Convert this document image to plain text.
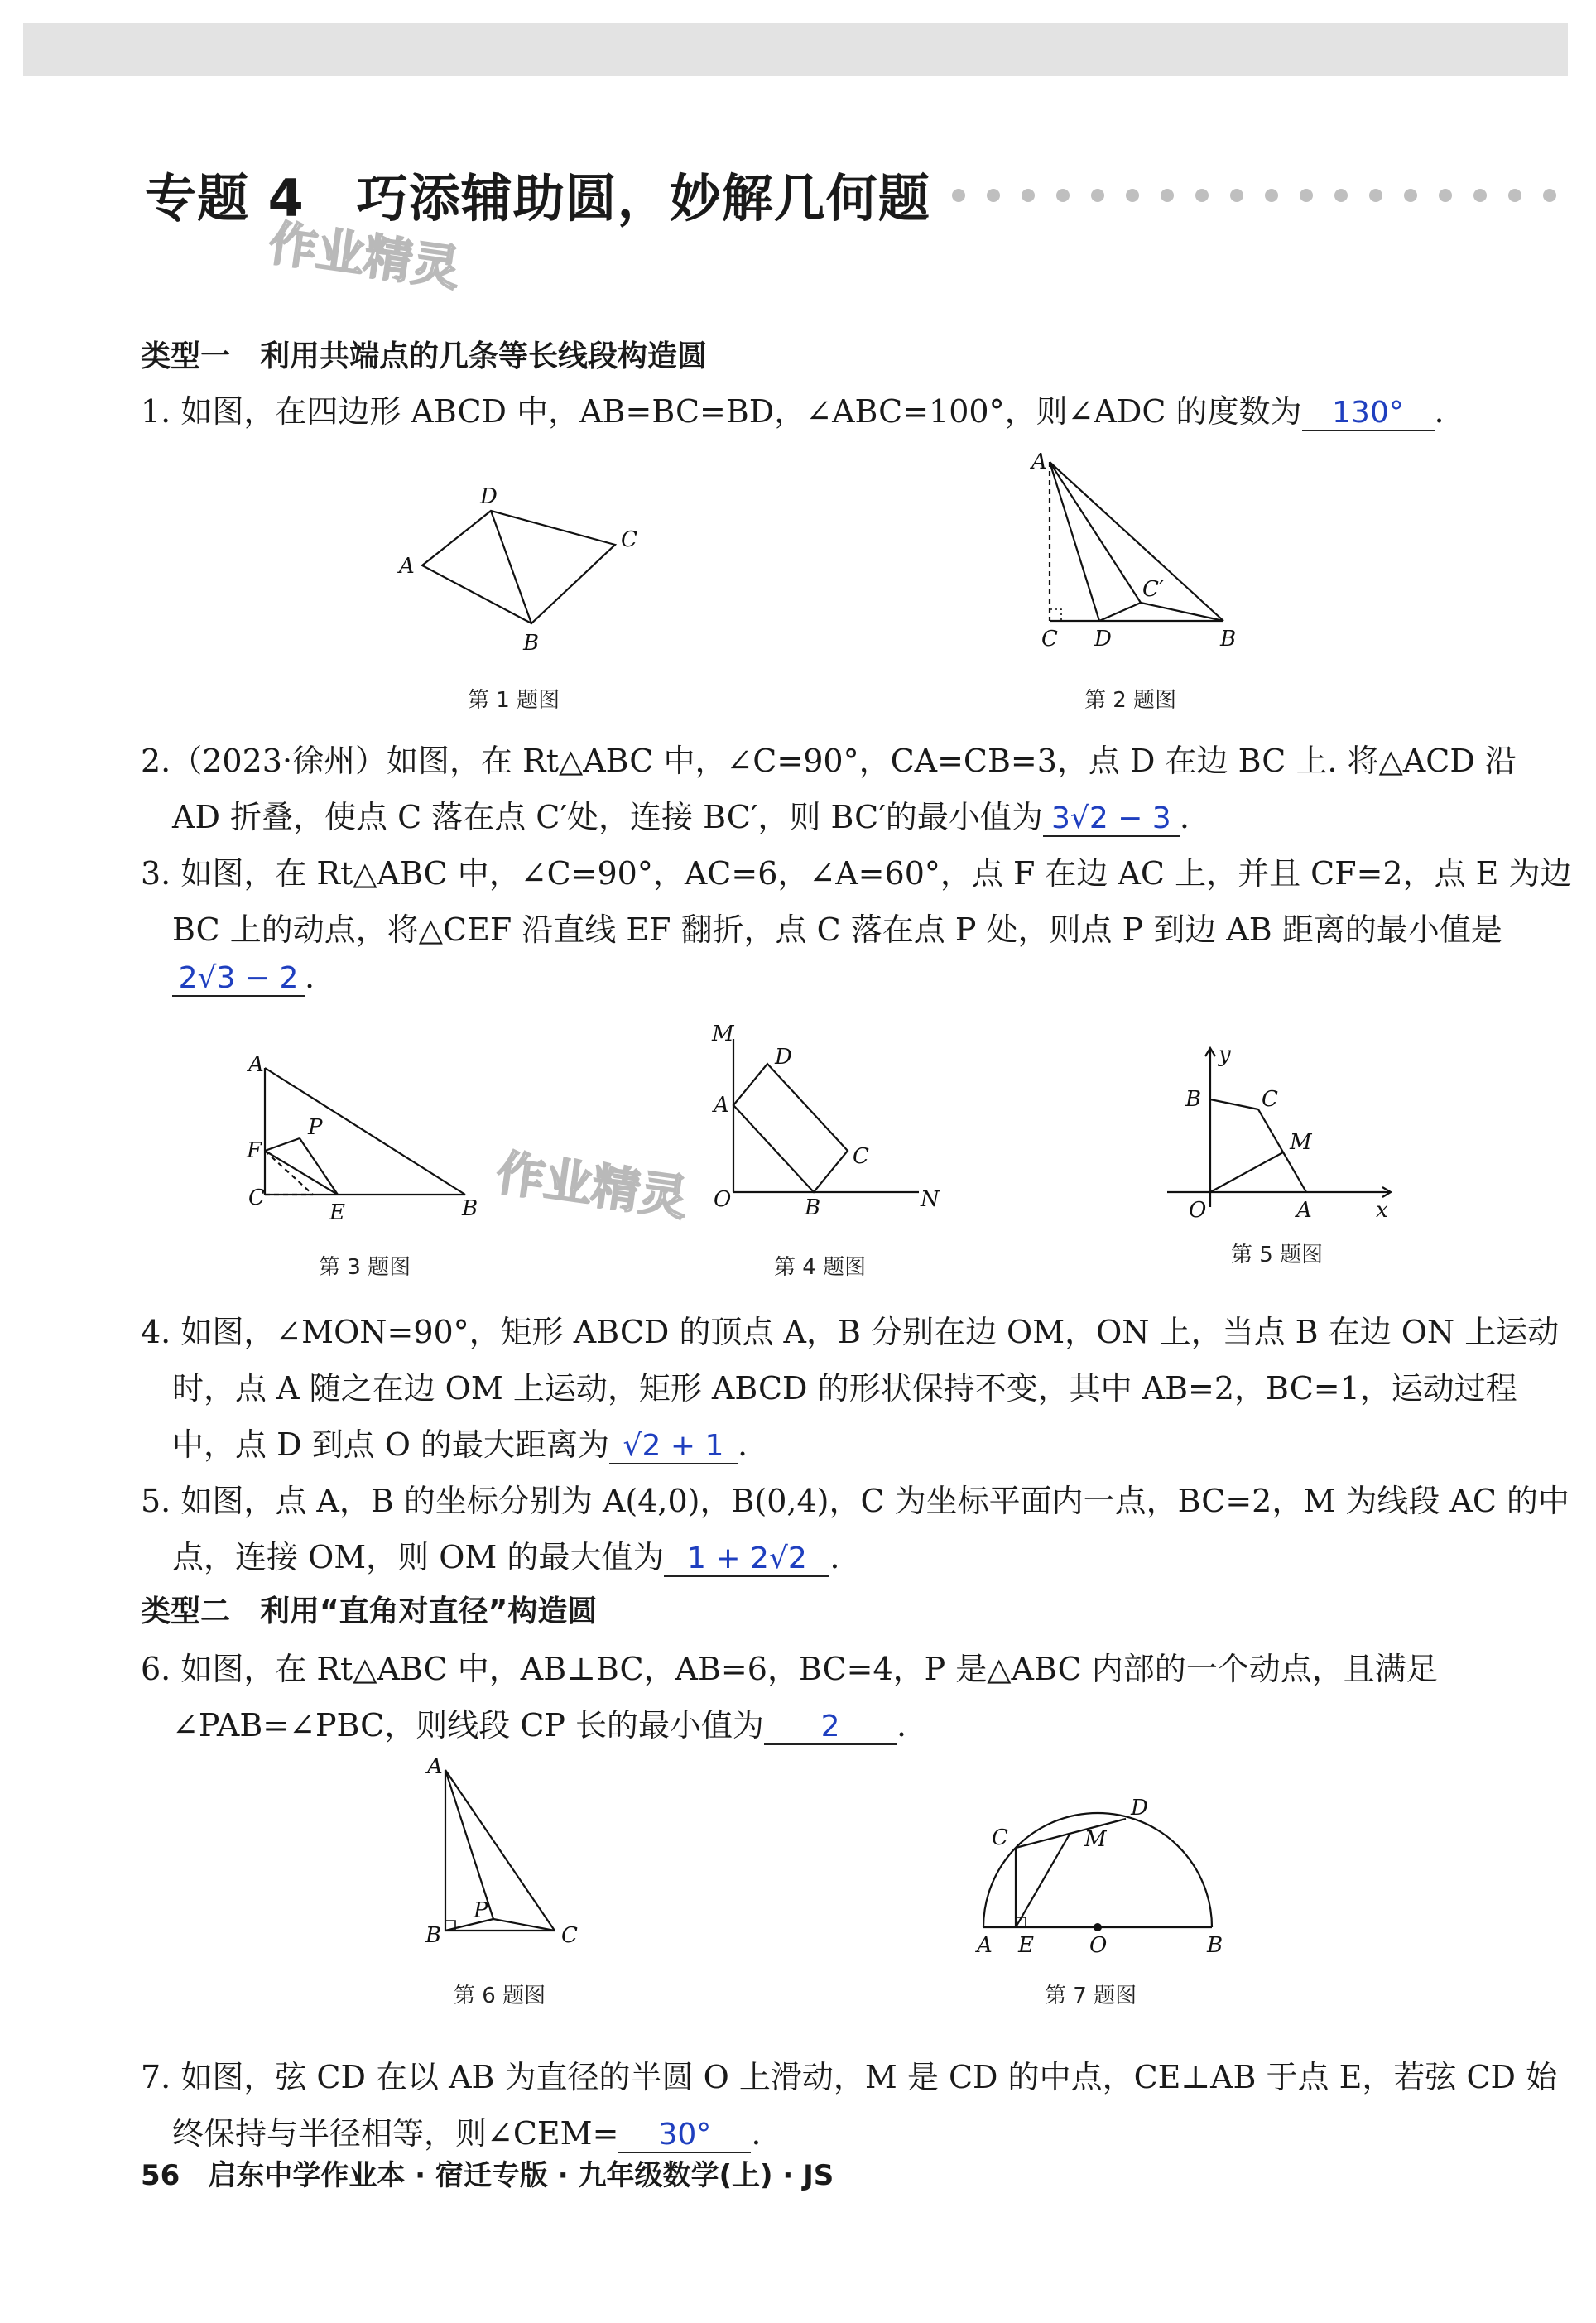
专题 4　巧添辅助圆，妙解几何题
作业精灵
作业精灵
类型一　利用共端点的几条等长线段构造圆
1. 如图，在四边形 ABCD 中，AB=BC=BD，∠ABC=100°，则∠ADC 的度数为 130° .
D
C
A
B
第 1 题图
A
C′
C D	B
第 2 题图
2.（2023·徐州）如图，在 Rt△ABC 中，∠C=90°，CA=CB=3，点 D 在边 BC 上. 将△ACD 沿
AD 折叠，使点 C 落在点 C′处，连接 BC′，则 BC′的最小值为 3√2 − 3 .
3. 如图，在 Rt△ABC 中，∠C=90°，AC=6，∠A=60°，点 F 在边 AC 上，并且 CF=2，点 E 为边
BC 上的动点，将△CEF 沿直线 EF 翻折，点 C 落在点 P 处，则点 P 到边 AB 距离的最小值是
2√3 − 2 .
A
P
F
C
E	B
第 3 题图
M
D
A
C
O	B	N
第 4 题图
y
B	C
M
O	A	x
第 5 题图
4. 如图，∠MON=90°，矩形 ABCD 的顶点 A，B 分别在边 OM，ON 上，当点 B 在边 ON 上运动
时，点 A 随之在边 OM 上运动，矩形 ABCD 的形状保持不变，其中 AB=2，BC=1，运动过程
中，点 D 到点 O 的最大距离为 √2 + 1 .
5. 如图，点 A，B 的坐标分别为 A(4,0)，B(0,4)，C 为坐标平面内一点，BC=2，M 为线段 AC 的中
点，连接 OM，则 OM 的最大值为 1 + 2√2 .
类型二　利用“直角对直径”构造圆
6. 如图，在 Rt△ABC 中，AB⊥BC，AB=6，BC=4，P 是△ABC 内部的一个动点，且满足
∠PAB=∠PBC，则线段 CP 长的最小值为 2 .
A
P
B	C
第 6 题图
C
D
M
A E	O	B
第 7 题图
7. 如图，弦 CD 在以 AB 为直径的半圆 O 上滑动，M 是 CD 的中点，CE⊥AB 于点 E，若弦 CD 始
终保持与半径相等，则∠CEM= 30° .
56　启东中学作业本 · 宿迁专版 · 九年级数学(上) · JS
